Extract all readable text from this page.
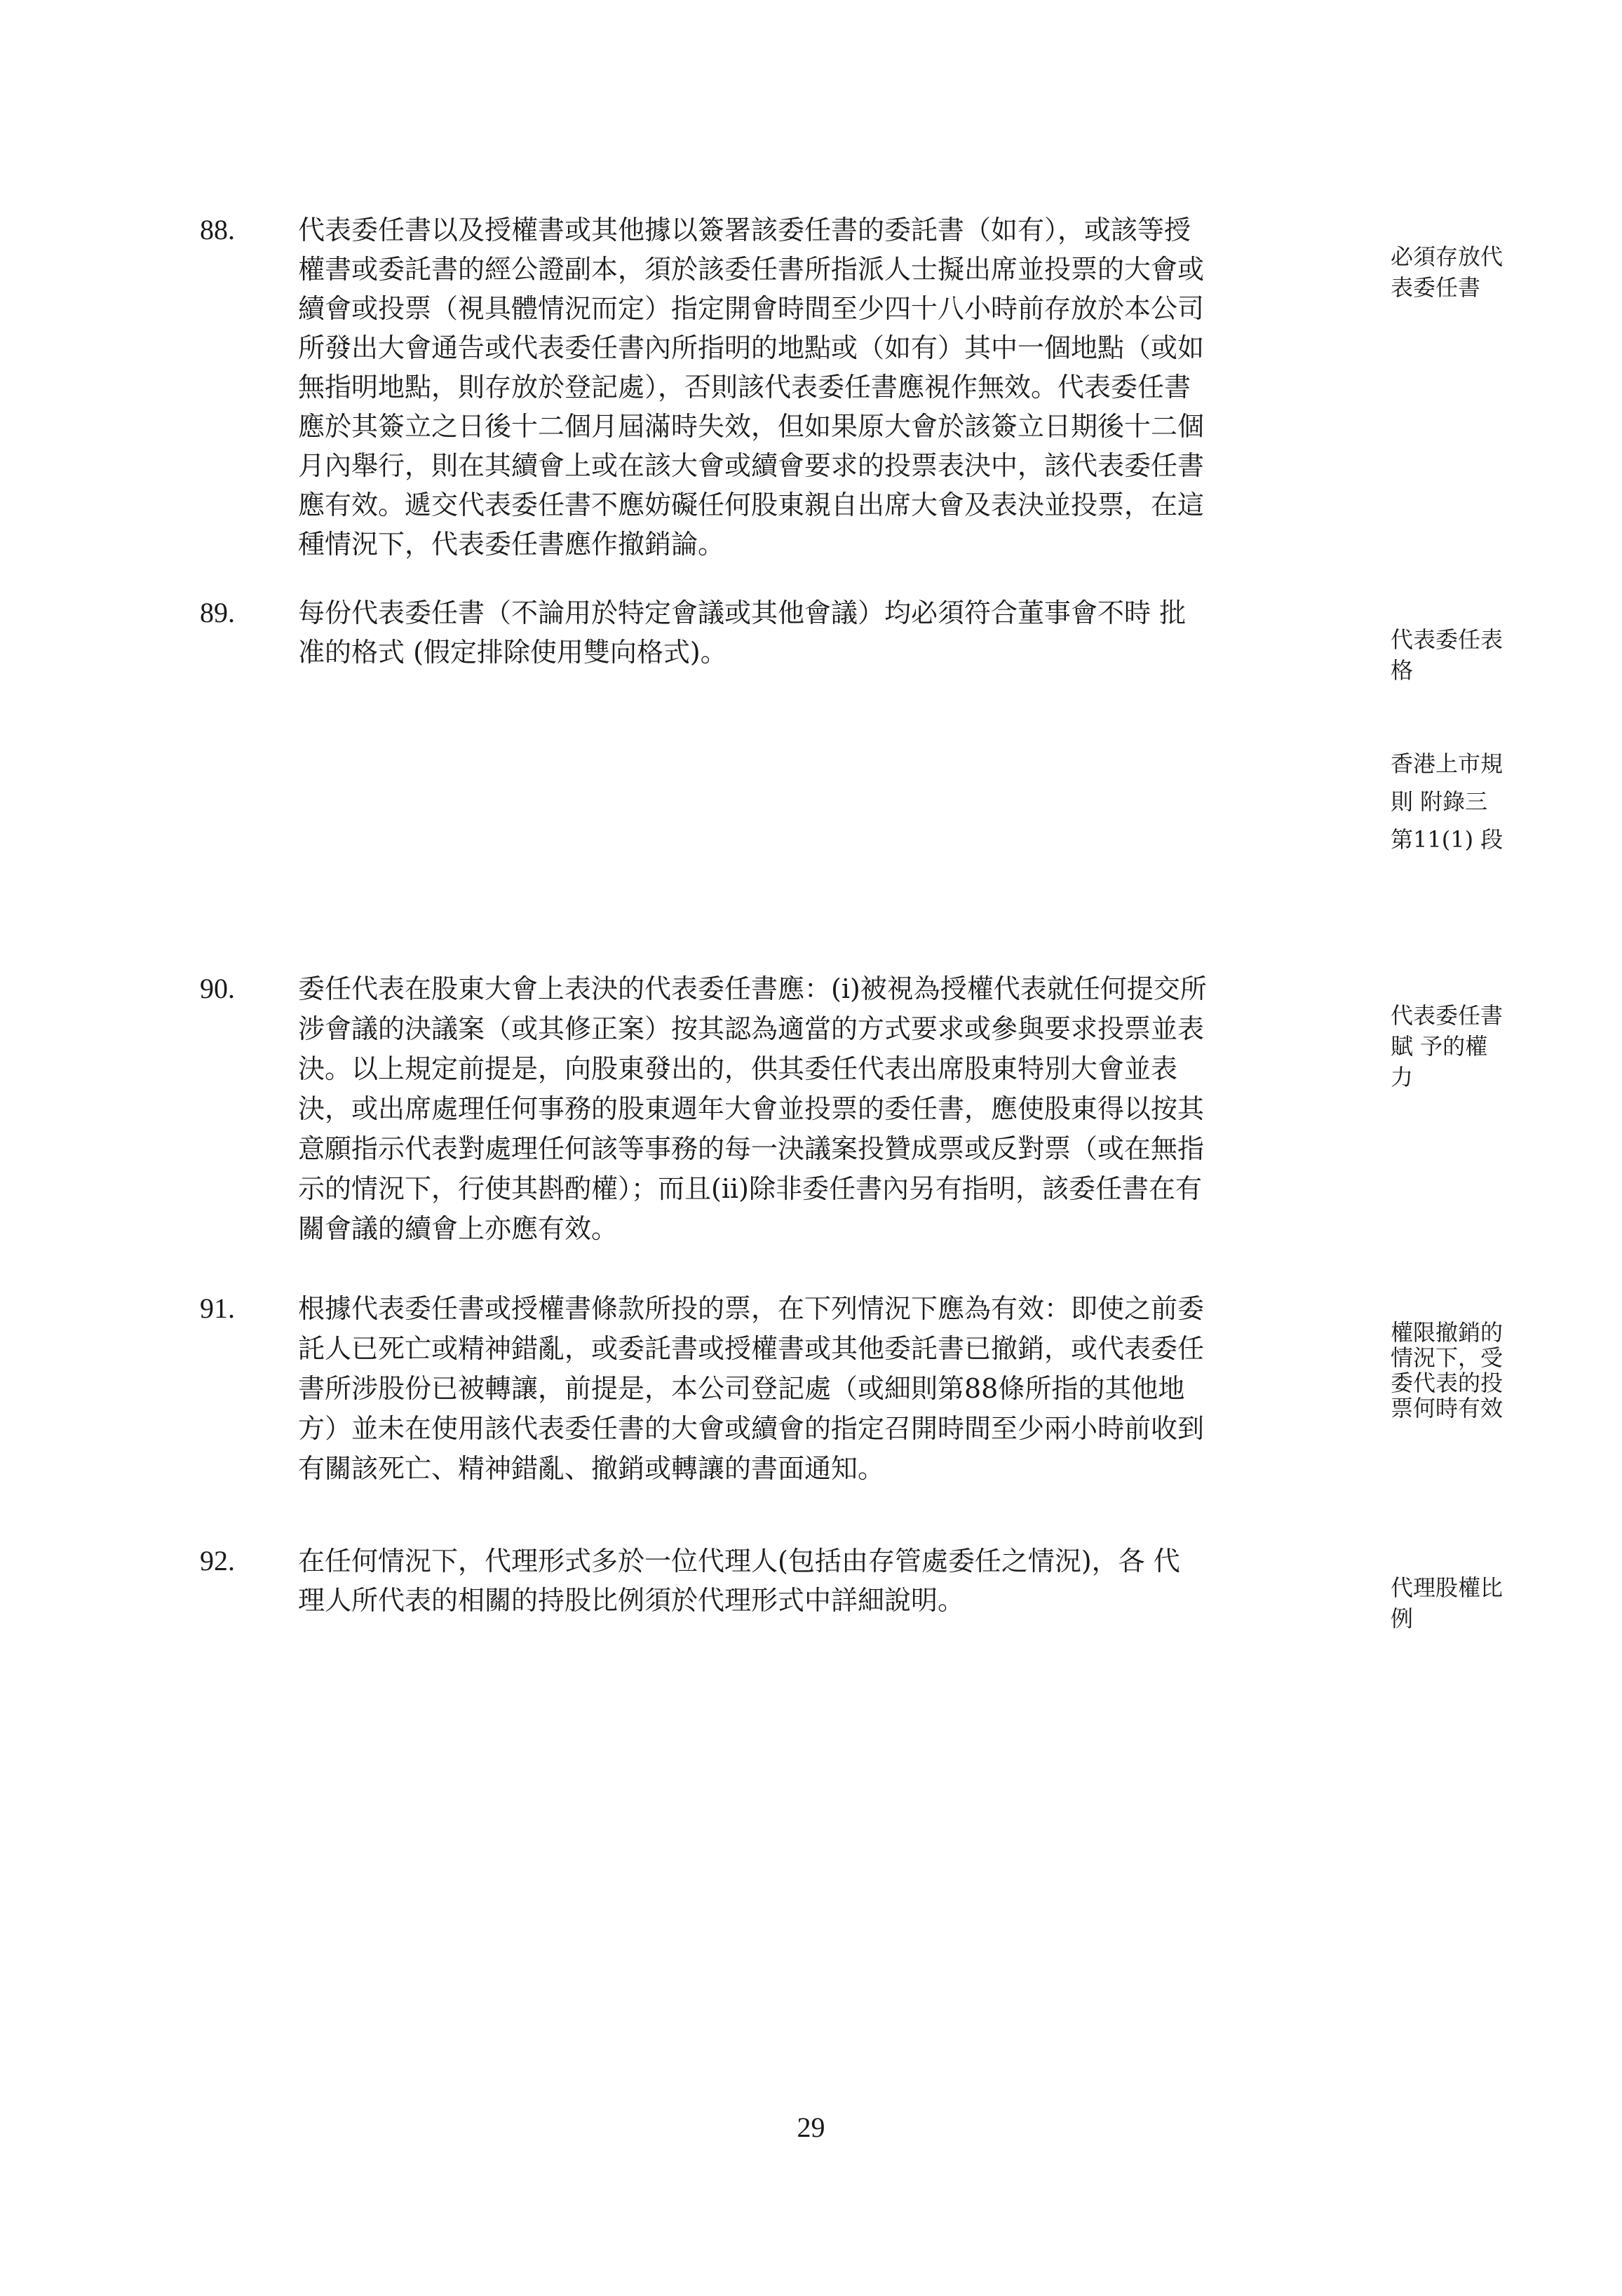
88. 代表委任書以及授權書或其他據以簽署該委任書的委託書（如有），或該等授
權書或委託書的經公證副本，須於該委任書所指派人士擬出席並投票的大會或
續會或投票（視具體情況而定）指定開會時間至少四十八小時前存放於本公司
所發出大會通告或代表委任書內所指明的地點或（如有）其中一個地點（或如
無指明地點，則存放於登記處），否則該代表委任書應視作無效。代表委任書
應於其簽立之日後十二個月屆滿時失效，但如果原大會於該簽立日期後十二個
月內舉行，則在其續會上或在該大會或續會要求的投票表決中，該代表委任書
應有效。遞交代表委任書不應妨礙任何股東親自出席大會及表決並投票，在這
種情況下，代表委任書應作撤銷論。

必須存放代
表委任書

89. 每份代表委任書（不論用於特定會議或其他會議）均必須符合董事會不時 批
准的格式 (假定排除使用雙向格式)。	代表委任表
格

香港上市規
則 附錄三
第11(1) 段

90. 委任代表在股東大會上表決的代表委任書應：(i)被視為授權代表就任何提交所
涉會議的決議案（或其修正案）按其認為適當的方式要求或參與要求投票並表
決。以上規定前提是，向股東發出的，供其委任代表出席股東特別大會並表
決，或出席處理任何事務的股東週年大會並投票的委任書，應使股東得以按其
意願指示代表對處理任何該等事務的每一決議案投贊成票或反對票（或在無指
示的情況下，行使其斟酌權）；而且(ii)除非委任書內另有指明，該委任書在有
關會議的續會上亦應有效。

代表委任書
賦 予的權
力

91. 根據代表委任書或授權書條款所投的票，在下列情況下應為有效：即使之前委
託人已死亡或精神錯亂，或委託書或授權書或其他委託書已撤銷，或代表委任
書所涉股份已被轉讓，前提是，本公司登記處（或細則第88條所指的其他地
方）並未在使用該代表委任書的大會或續會的指定召開時間至少兩小時前收到
有關該死亡、精神錯亂、撤銷或轉讓的書面通知。

權限撤銷的
情況下，受
委代表的投
票何時有效

92. 在任何情況下，代理形式多於一位代理人(包括由存管處委任之情況)，各 代
理人所代表的相關的持股比例須於代理形式中詳細說明。	代理股權比
例

29
